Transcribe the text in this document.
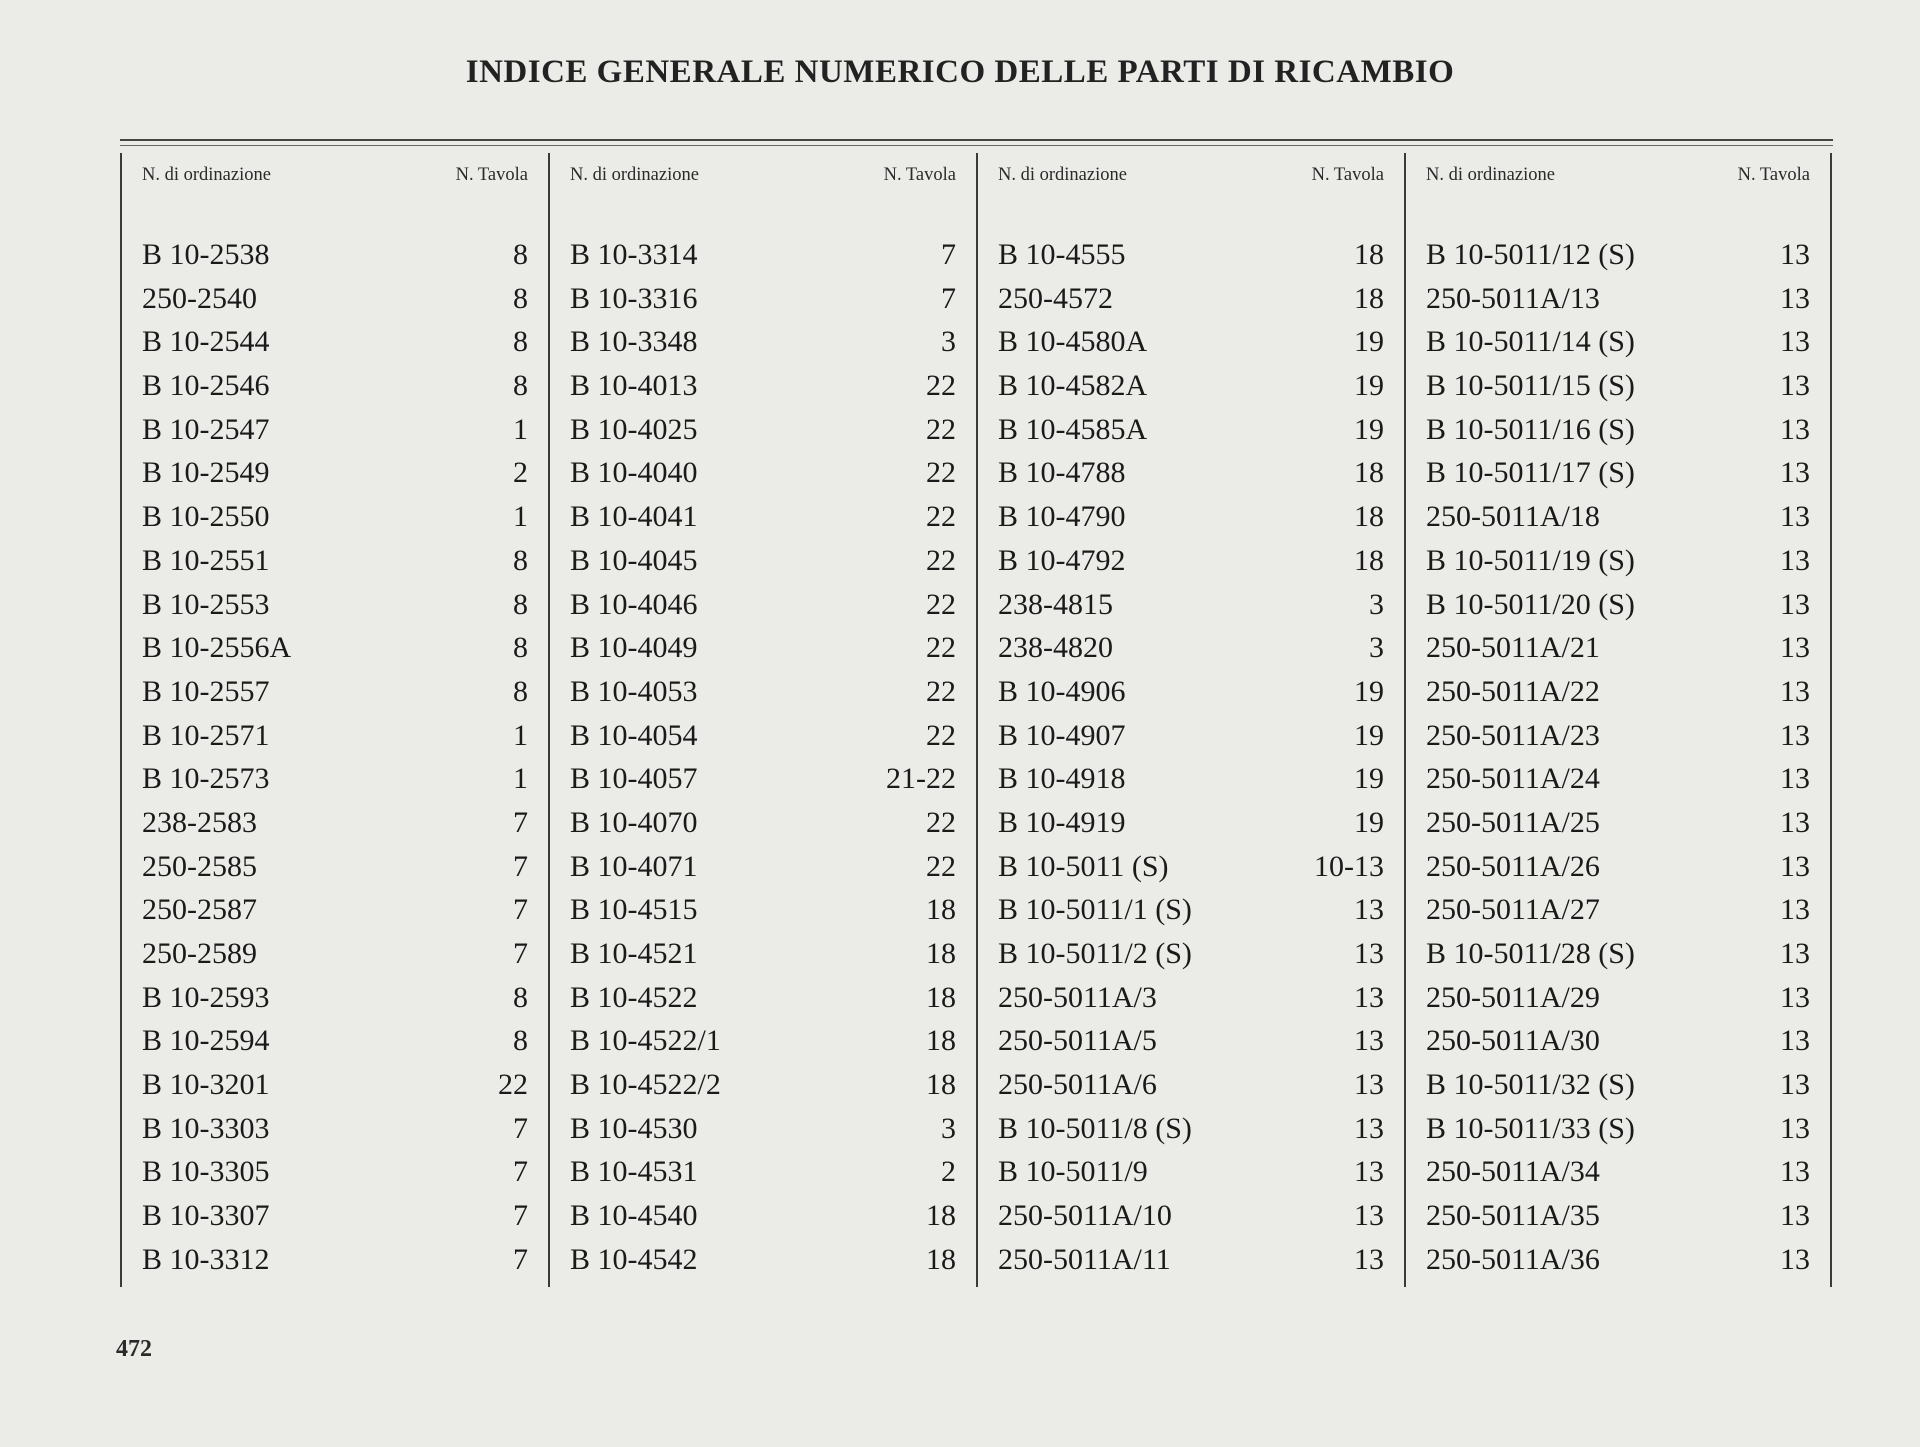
INDICE GENERALE NUMERICO DELLE PARTI DI RICAMBIO
N. di ordinazione	N. Tavola
B 10-2538	8
250-2540	8
B 10-2544	8
B 10-2546	8
B 10-2547	1
B 10-2549	2
B 10-2550	1
B 10-2551	8
B 10-2553	8
B 10-2556A	8
B 10-2557	8
B 10-2571	1
B 10-2573	1
238-2583	7
250-2585	7
250-2587	7
250-2589	7
B 10-2593	8
B 10-2594	8
B 10-3201	22
B 10-3303	7
B 10-3305	7
B 10-3307	7
B 10-3312	7
N. di ordinazione	N. Tavola
B 10-3314	7
B 10-3316	7
B 10-3348	3
B 10-4013	22
B 10-4025	22
B 10-4040	22
B 10-4041	22
B 10-4045	22
B 10-4046	22
B 10-4049	22
B 10-4053	22
B 10-4054	22
B 10-4057	21-22
B 10-4070	22
B 10-4071	22
B 10-4515	18
B 10-4521	18
B 10-4522	18
B 10-4522/1	18
B 10-4522/2	18
B 10-4530	3
B 10-4531	2
B 10-4540	18
B 10-4542	18
N. di ordinazione	N. Tavola
B 10-4555	18
250-4572	18
B 10-4580A	19
B 10-4582A	19
B 10-4585A	19
B 10-4788	18
B 10-4790	18
B 10-4792	18
238-4815	3
238-4820	3
B 10-4906	19
B 10-4907	19
B 10-4918	19
B 10-4919	19
B 10-5011 (S)	10-13
B 10-5011/1 (S)	13
B 10-5011/2 (S)	13
250-5011A/3	13
250-5011A/5	13
250-5011A/6	13
B 10-5011/8 (S)	13
B 10-5011/9	13
250-5011A/10	13
250-5011A/11	13
N. di ordinazione	N. Tavola
B 10-5011/12 (S)	13
250-5011A/13	13
B 10-5011/14 (S)	13
B 10-5011/15 (S)	13
B 10-5011/16 (S)	13
B 10-5011/17 (S)	13
250-5011A/18	13
B 10-5011/19 (S)	13
B 10-5011/20 (S)	13
250-5011A/21	13
250-5011A/22	13
250-5011A/23	13
250-5011A/24	13
250-5011A/25	13
250-5011A/26	13
250-5011A/27	13
B 10-5011/28 (S)	13
250-5011A/29	13
250-5011A/30	13
B 10-5011/32 (S)	13
B 10-5011/33 (S)	13
250-5011A/34	13
250-5011A/35	13
250-5011A/36	13
472
